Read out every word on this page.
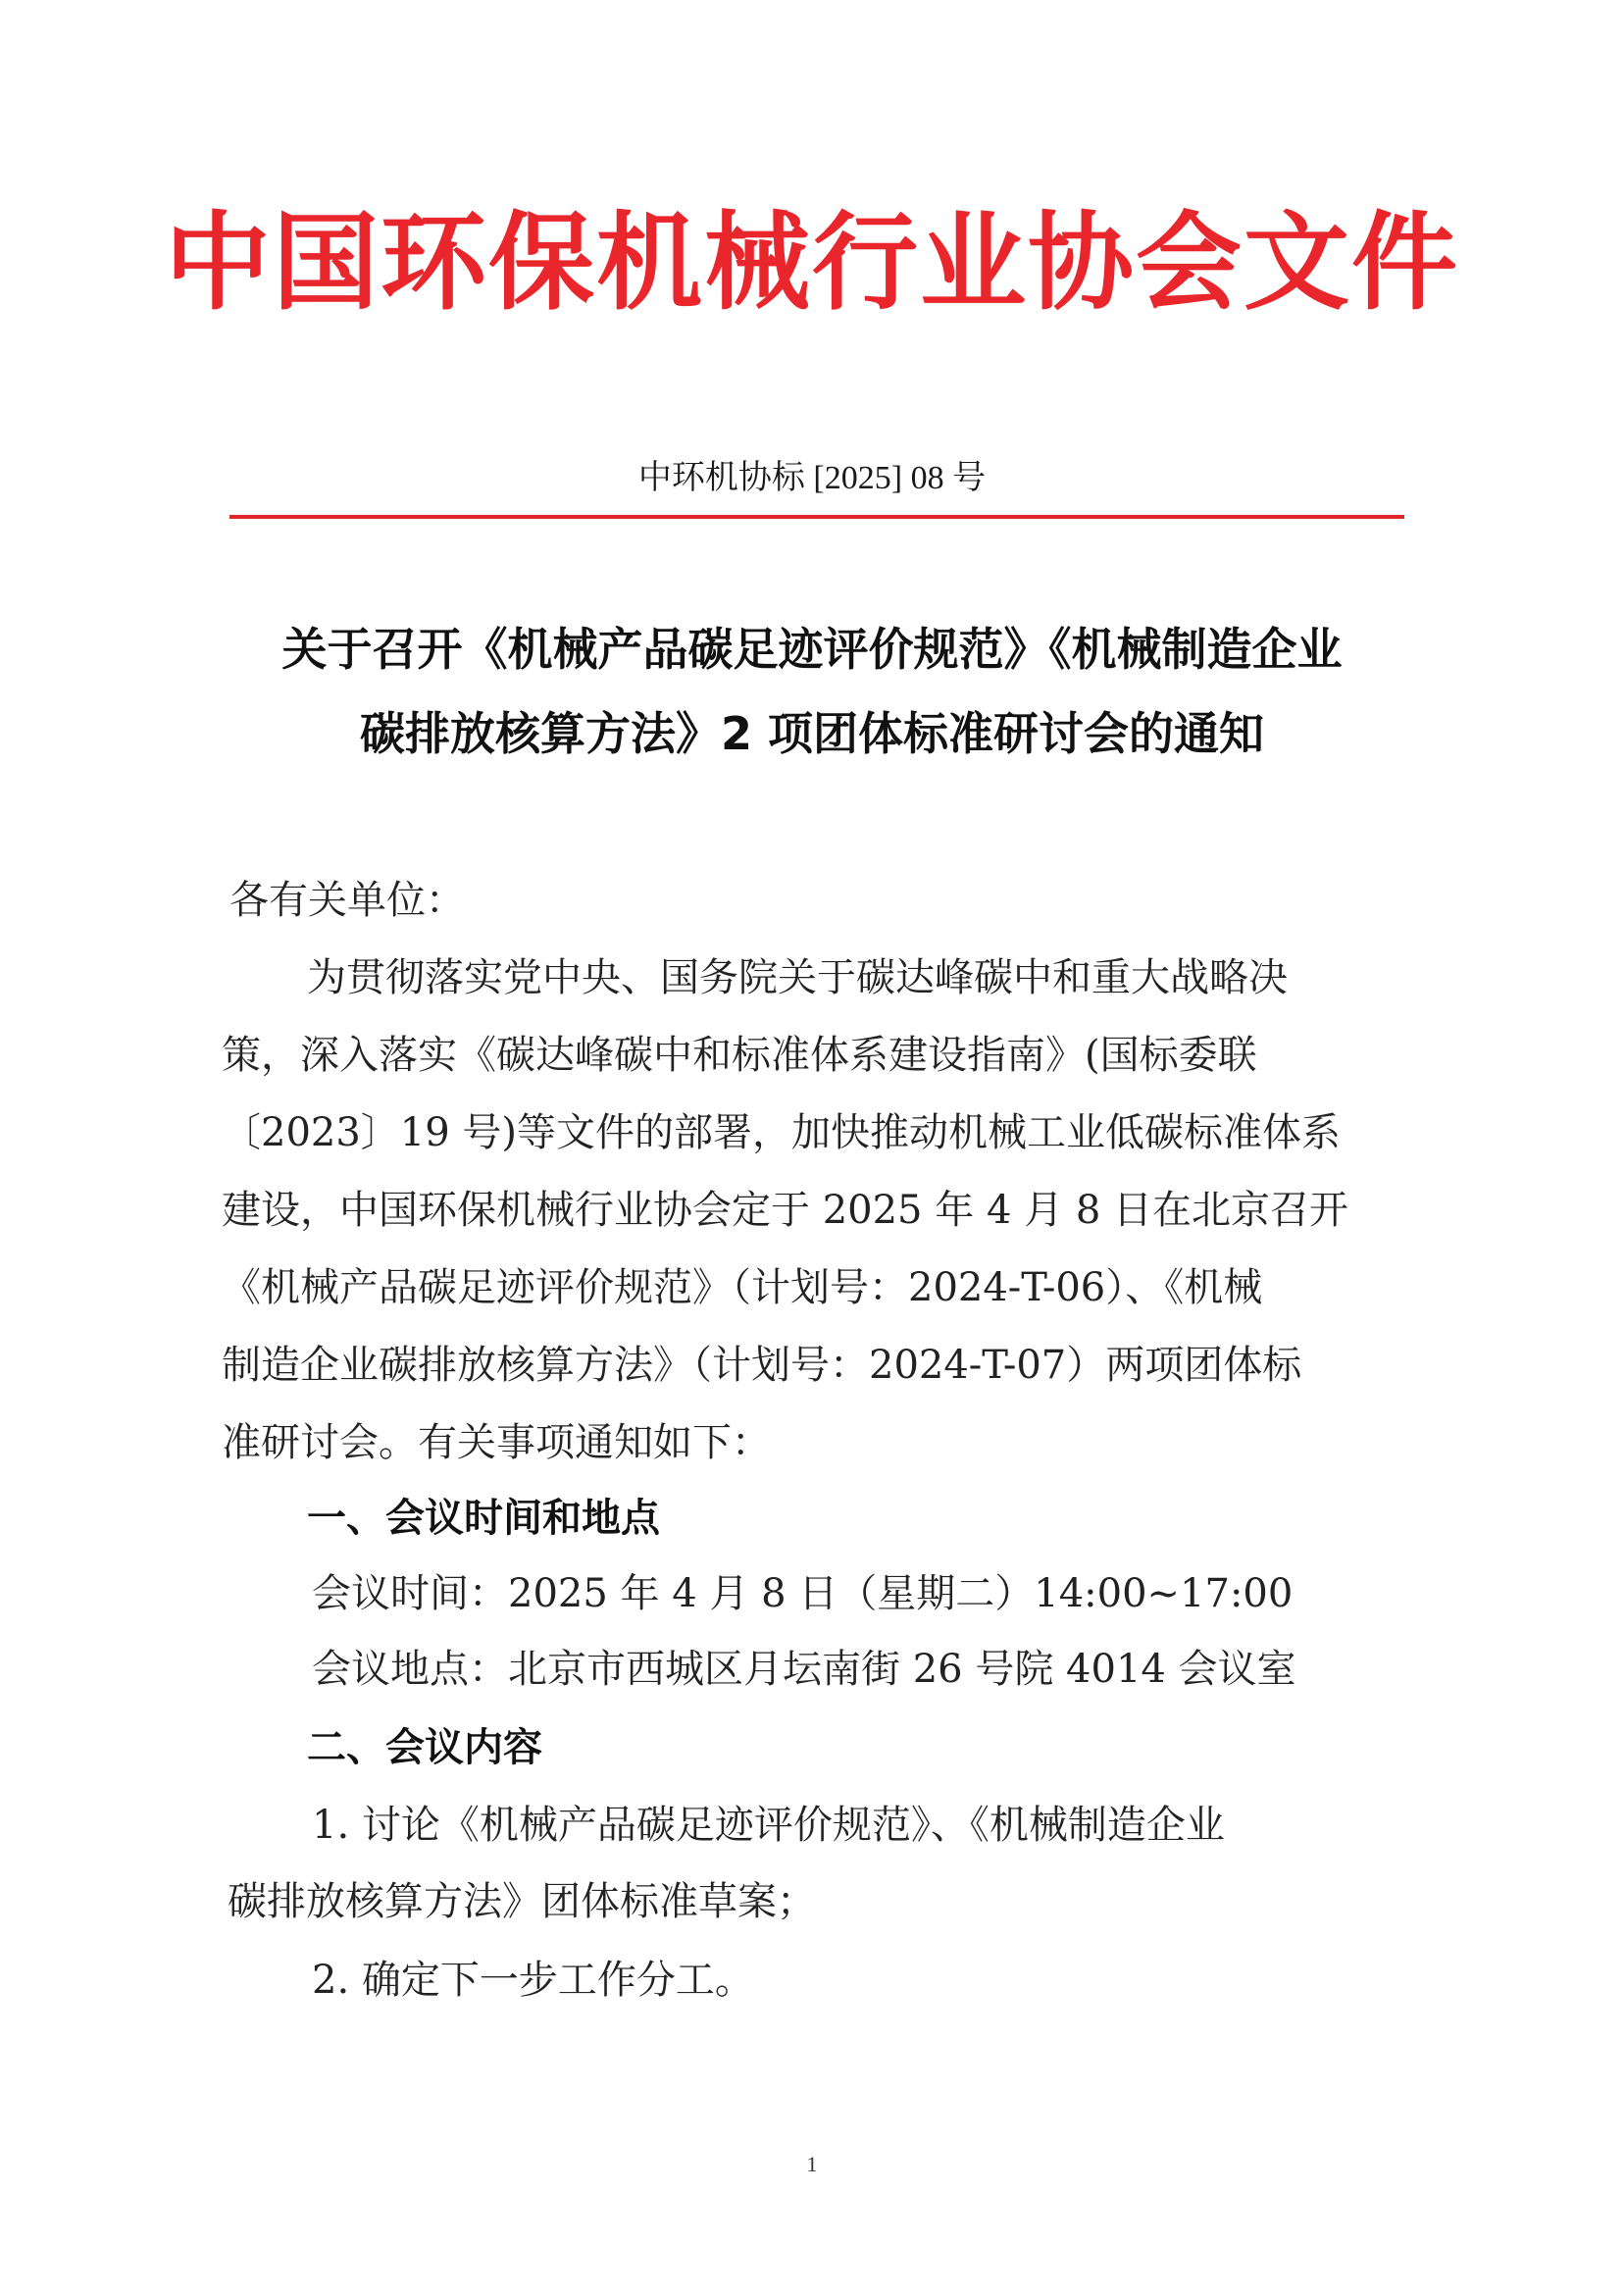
中国环保机械行业协会文件
中环机协标 [2025] 08 号
关于召开《机械产品碳足迹评价规范》《机械制造企业
碳排放核算方法》2 项团体标准研讨会的通知
各有关单位：
为贯彻落实党中央、国务院关于碳达峰碳中和重大战略决
策，深入落实《碳达峰碳中和标准体系建设指南》(国标委联
〔2023〕19 号)等文件的部署，加快推动机械工业低碳标准体系
建设，中国环保机械行业协会定于 2025 年 4 月 8 日在北京召开
《机械产品碳足迹评价规范》（计划号：2024-T-06）、《机械
制造企业碳排放核算方法》（计划号：2024-T-07）两项团体标
准研讨会。有关事项通知如下：
一、会议时间和地点
会议时间：2025 年 4 月 8 日（星期二）14:00~17:00
会议地点：北京市西城区月坛南街 26 号院 4014 会议室
二、会议内容
1. 讨论《机械产品碳足迹评价规范》、《机械制造企业
碳排放核算方法》团体标准草案；
2. 确定下一步工作分工。
1
